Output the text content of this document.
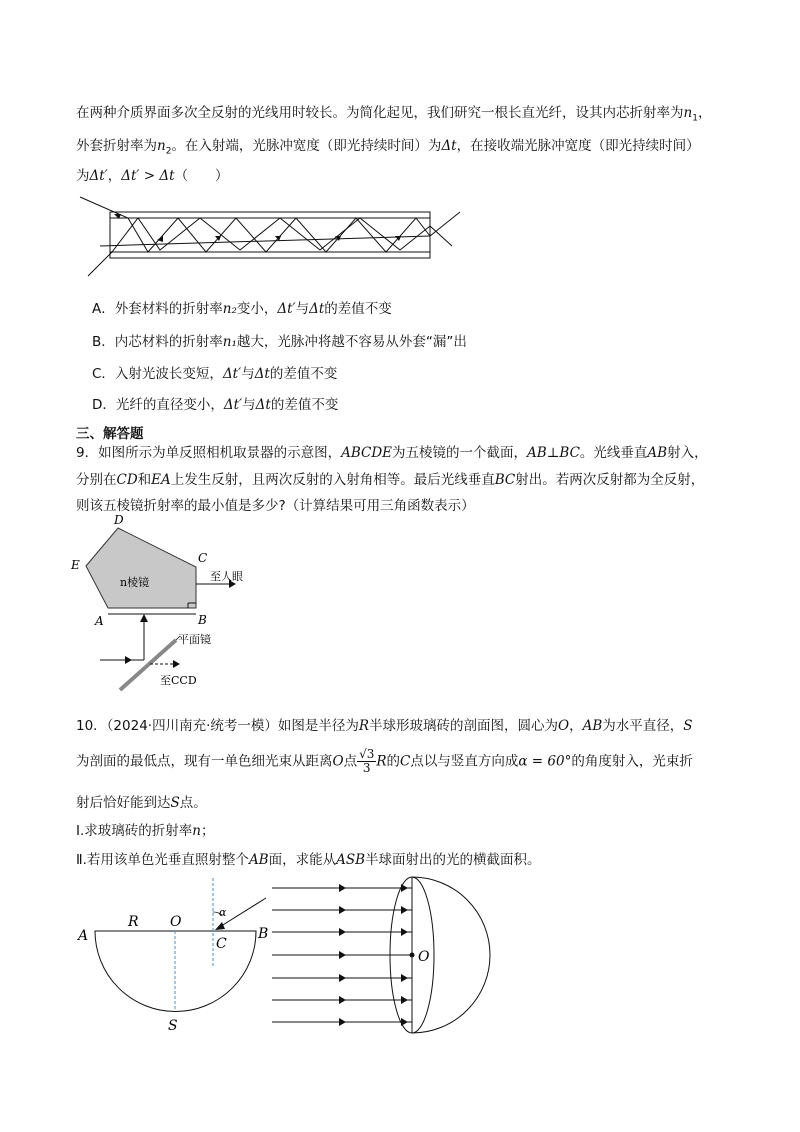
在两种介质界面多次全反射的光线用时较长。为简化起见，我们研究一根长直光纤，设其内芯折射率为$n_1$，
外套折射率为$n_2$。在入射端，光脉冲宽度（即光持续时间）为Δt，在接收端光脉冲宽度（即光持续时间）
为Δt′，Δt′ > Δt（　　）
A．外套材料的折射率n₂变小，Δt′与Δt的差值不变
B．内芯材料的折射率n₁越大，光脉冲将越不容易从外套“漏”出
C．入射光波长变短，Δt′与Δt的差值不变
D．光纤的直径变小，Δt′与Δt的差值不变
三、解答题
9．如图所示为单反照相机取景器的示意图，ABCDE为五棱镜的一个截面，AB⊥BC。光线垂直AB射入，
分别在CD和EA上发生反射，且两次反射的入射角相等。最后光线垂直BC射出。若两次反射都为全反射，
则该五棱镜折射率的最小值是多少?（计算结果可用三角函数表示）
D
C
E
A	B
n棱镜	至人眼
平面镜
至CCD
10．（2024·四川南充·统考一模）如图是半径为R半球形玻璃砖的剖面图，圆心为O，AB为水平直径，S
为剖面的最低点，现有一单色细光束从距离O点 $\frac{√3}{3}$ R的C点以与竖直方向成α = 60°的角度射入，光束折
射后恰好能到达S点。
Ⅰ.求玻璃砖的折射率n；
Ⅱ.若用该单色光垂直照射整个AB面，求能从ASB半球面射出的光的横截面积。
A
R O
α
C
B
S
O
